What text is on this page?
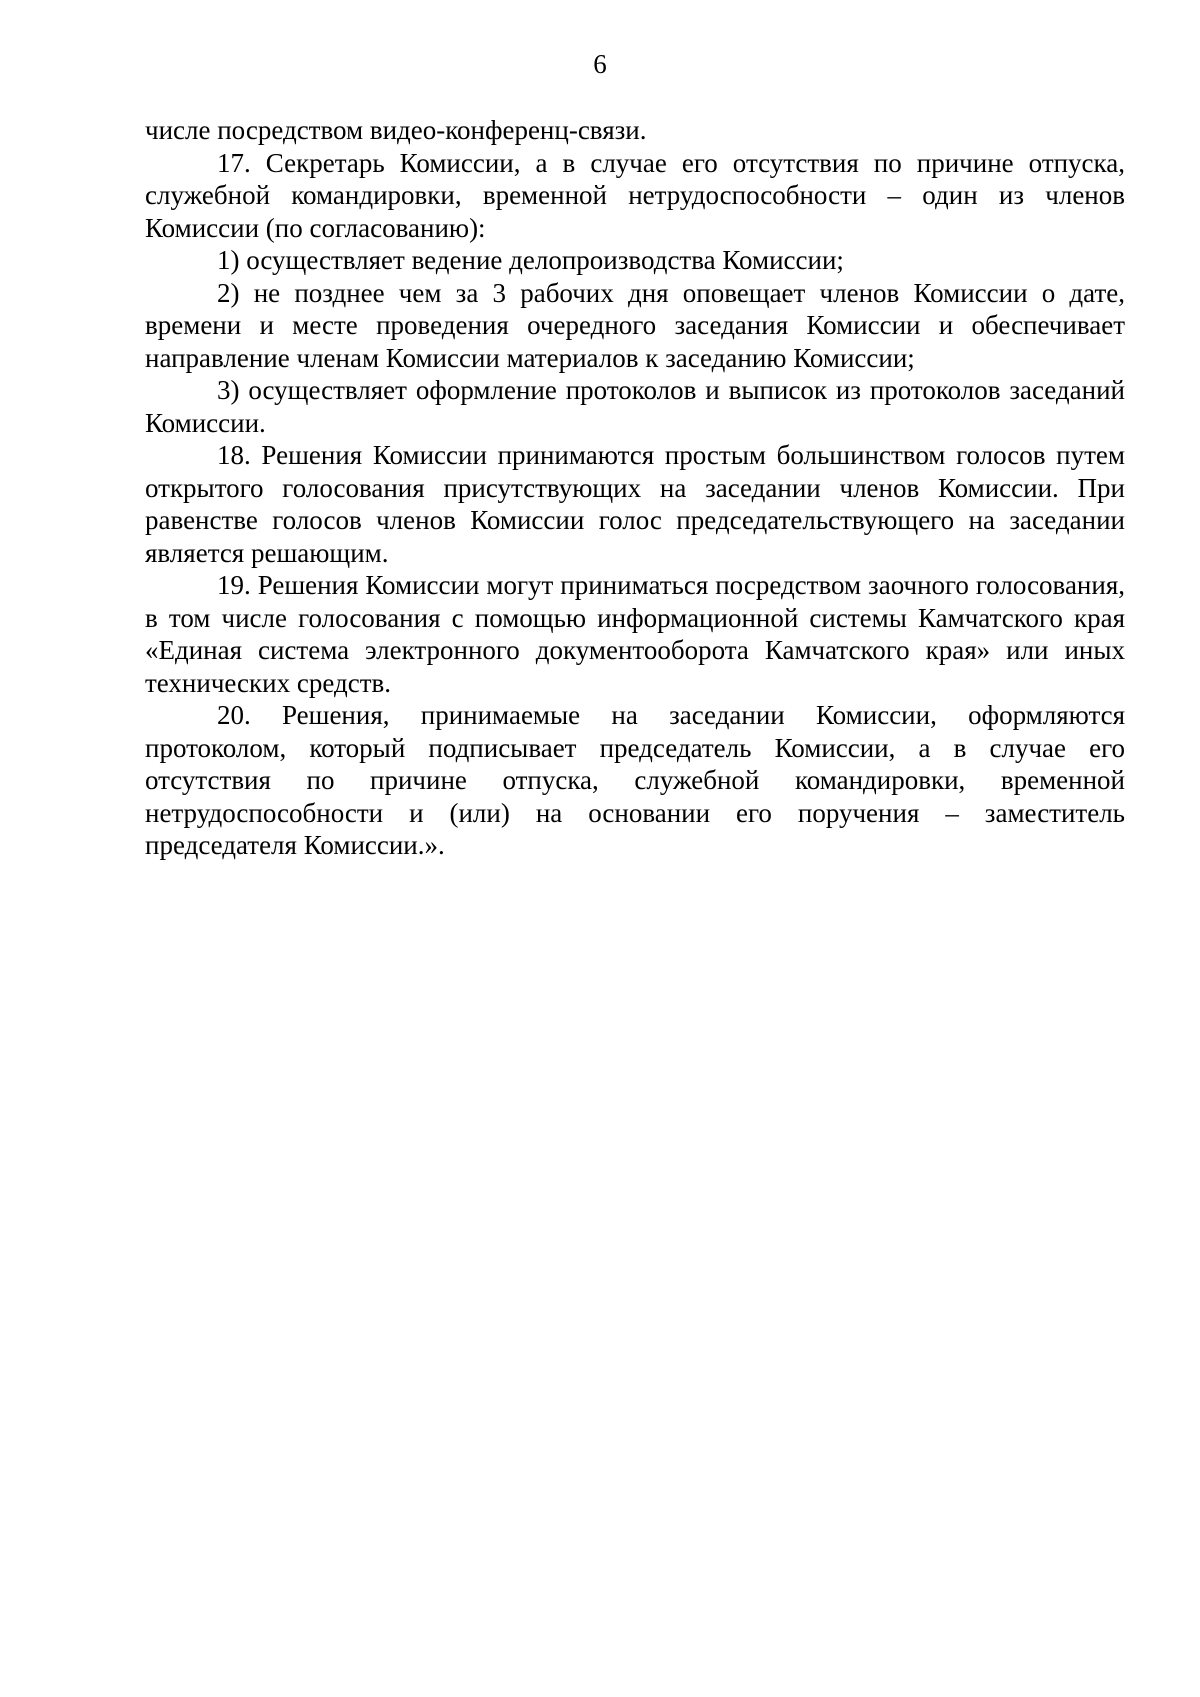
6

числе посредством видео-конференц-связи.

17. Секретарь Комиссии, а в случае его отсутствия по причине отпуска, служебной командировки, временной нетрудоспособности – один из членов Комиссии (по согласованию):

1) осуществляет ведение делопроизводства Комиссии;

2) не позднее чем за 3 рабочих дня оповещает членов Комиссии о дате, времени и месте проведения очередного заседания Комиссии и обеспечивает направление членам Комиссии материалов к заседанию Комиссии;

3) осуществляет оформление протоколов и выписок из протоколов заседаний Комиссии.

18. Решения Комиссии принимаются простым большинством голосов путем открытого голосования присутствующих на заседании членов Комиссии. При равенстве голосов членов Комиссии голос председательствующего на заседании является решающим.

19. Решения Комиссии могут приниматься посредством заочного голосования, в том числе голосования с помощью информационной системы Камчатского края «Единая система электронного документооборота Камчатского края» или иных технических средств.

20. Решения, принимаемые на заседании Комиссии, оформляются протоколом, который подписывает председатель Комиссии, а в случае его отсутствия по причине отпуска, служебной командировки, временной нетрудоспособности и (или) на основании его поручения – заместитель председателя Комиссии.».
